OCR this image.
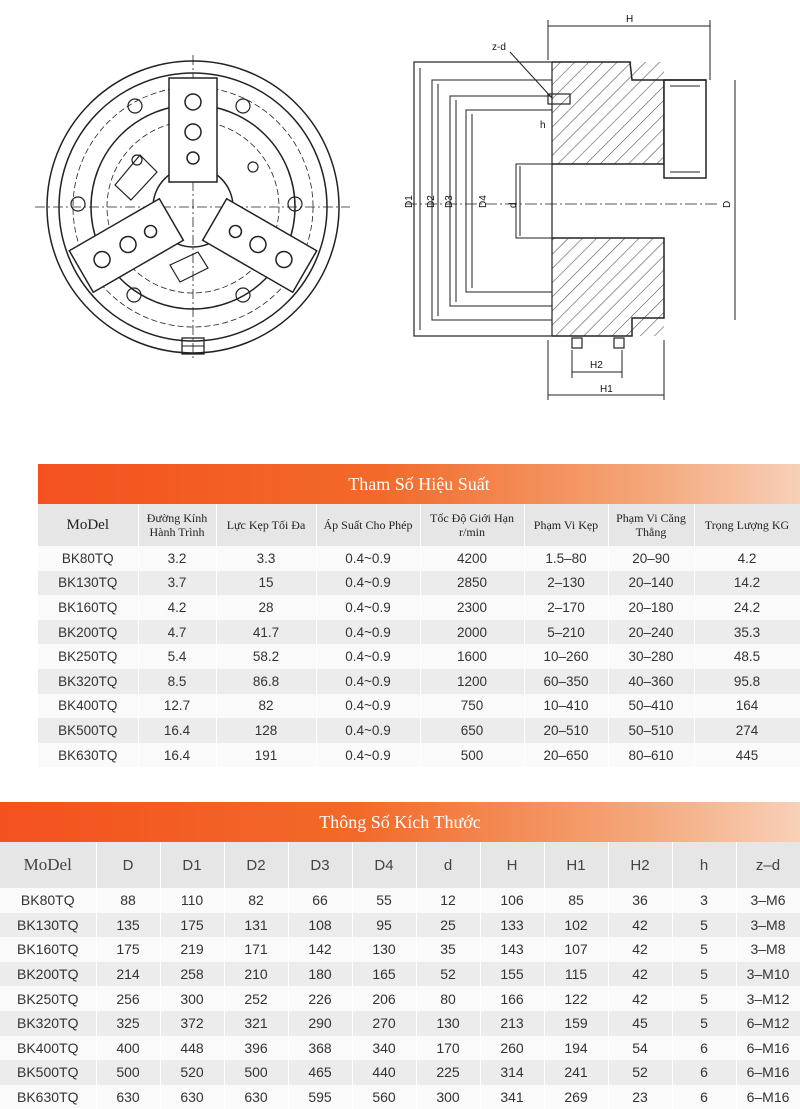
H
z-d
h
D1 D2 D3 D4 d	D
H1
H2
Tham Số Hiệu Suất
MoDel	Đường Kính Hành Trình	Lực Kẹp Tối Đa	Áp Suất Cho Phép	Tốc Độ Giới Hạn r/min	Phạm Vi Kẹp	Phạm Vi Căng Thẳng	Trọng Lượng KG
BK80TQ	3.2	3.3	0.4~0.9	4200	1.5–80	20–90	4.2
BK130TQ	3.7	15	0.4~0.9	2850	2–130	20–140	14.2
BK160TQ	4.2	28	0.4~0.9	2300	2–170	20–180	24.2
BK200TQ	4.7	41.7	0.4~0.9	2000	5–210	20–240	35.3
BK250TQ	5.4	58.2	0.4~0.9	1600	10–260	30–280	48.5
BK320TQ	8.5	86.8	0.4~0.9	1200	60–350	40–360	95.8
BK400TQ	12.7	82	0.4~0.9	750	10–410	50–410	164
BK500TQ	16.4	128	0.4~0.9	650	20–510	50–510	274
BK630TQ	16.4	191	0.4~0.9	500	20–650	80–610	445
Thông Số Kích Thước
MoDel	D	D1	D2	D3	D4	d	H	H1	H2	h	z–d
BK80TQ	88	110	82	66	55	12	106	85	36	3	3–M6
BK130TQ	135	175	131	108	95	25	133	102	42	5	3–M8
BK160TQ	175	219	171	142	130	35	143	107	42	5	3–M8
BK200TQ	214	258	210	180	165	52	155	115	42	5	3–M10
BK250TQ	256	300	252	226	206	80	166	122	42	5	3–M12
BK320TQ	325	372	321	290	270	130	213	159	45	5	6–M12
BK400TQ	400	448	396	368	340	170	260	194	54	6	6–M16
BK500TQ	500	520	500	465	440	225	314	241	52	6	6–M16
BK630TQ	630	630	630	595	560	300	341	269	23	6	6–M16
